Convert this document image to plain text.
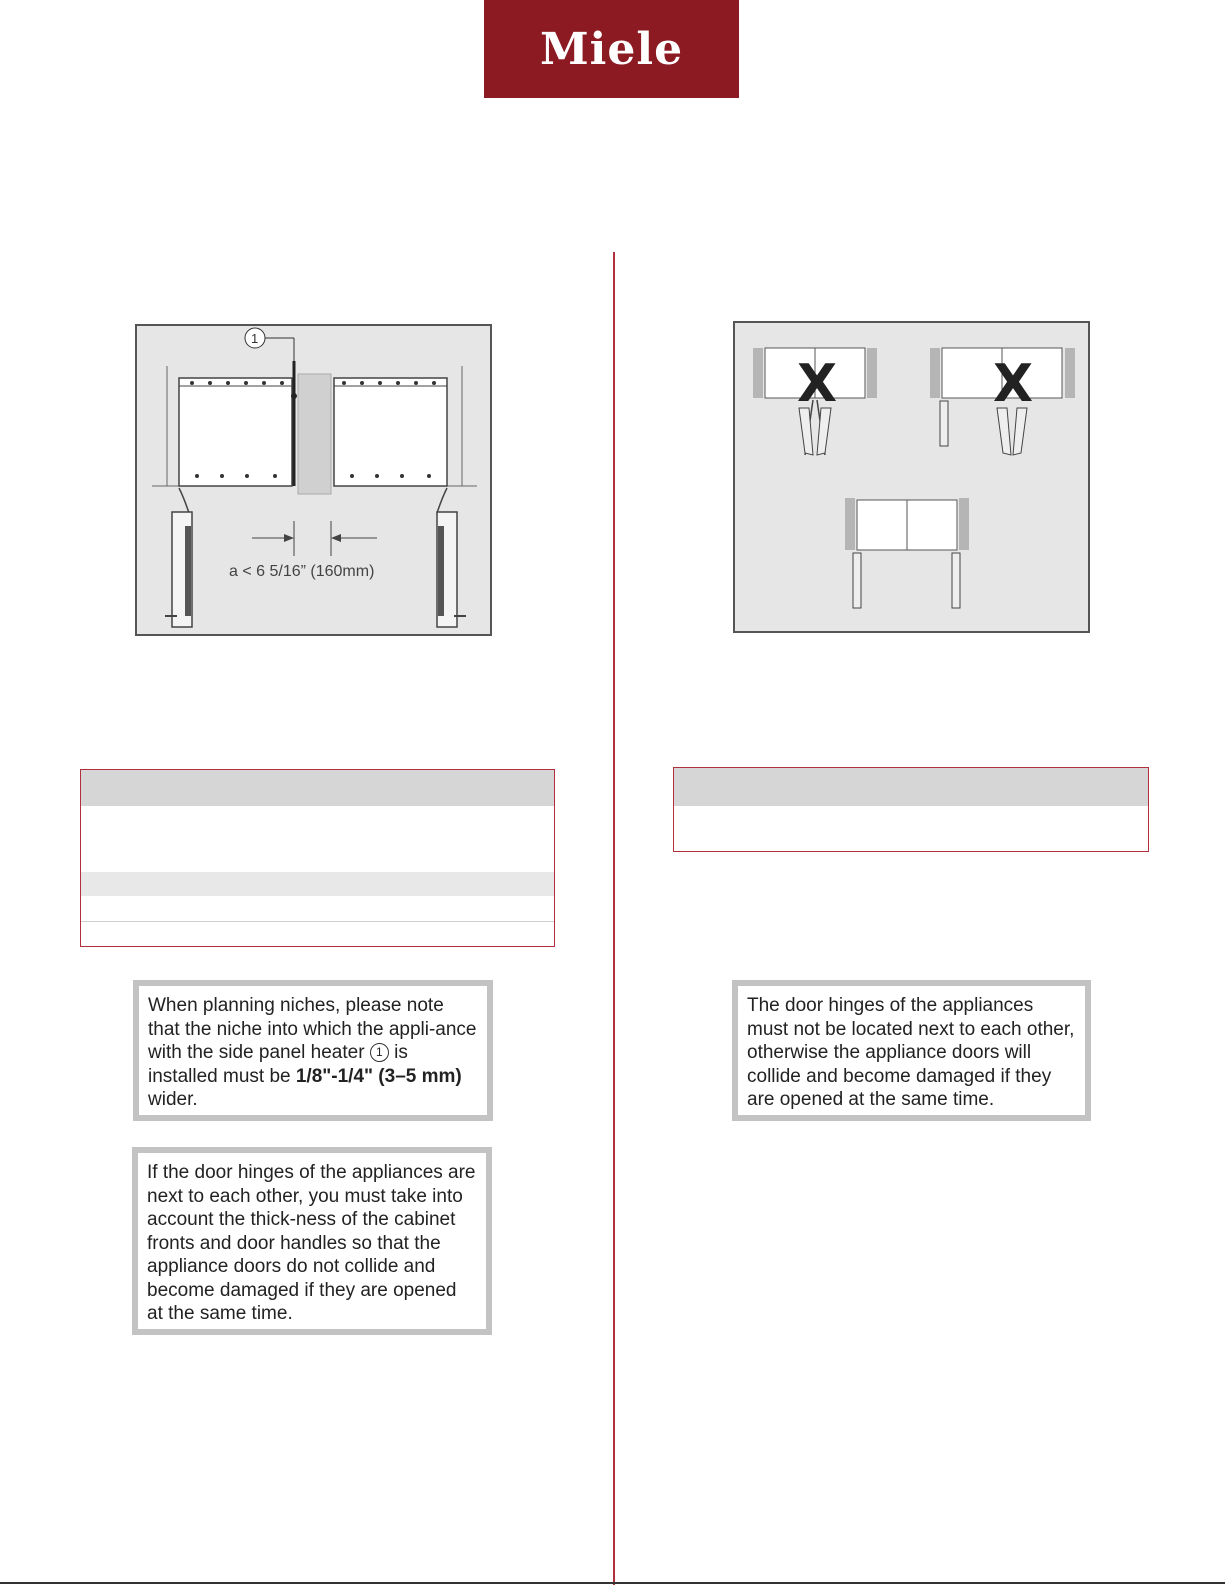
Miele
1
a < 6 5/16” (160mm)
X	X
When planning niches, please note that the niche into which the appli-ance with the side panel heater 1 is installed must be 1/8"-1/4" (3–5 mm) wider.
If the door hinges of the appliances are next to each other, you must take into account the thick-ness of the cabinet fronts and door handles so that the appliance doors do not collide and become damaged if they are opened at the same time.
The door hinges of the appliances must not be located next to each other, otherwise the appliance doors will collide and become damaged if they are opened at the same time.
